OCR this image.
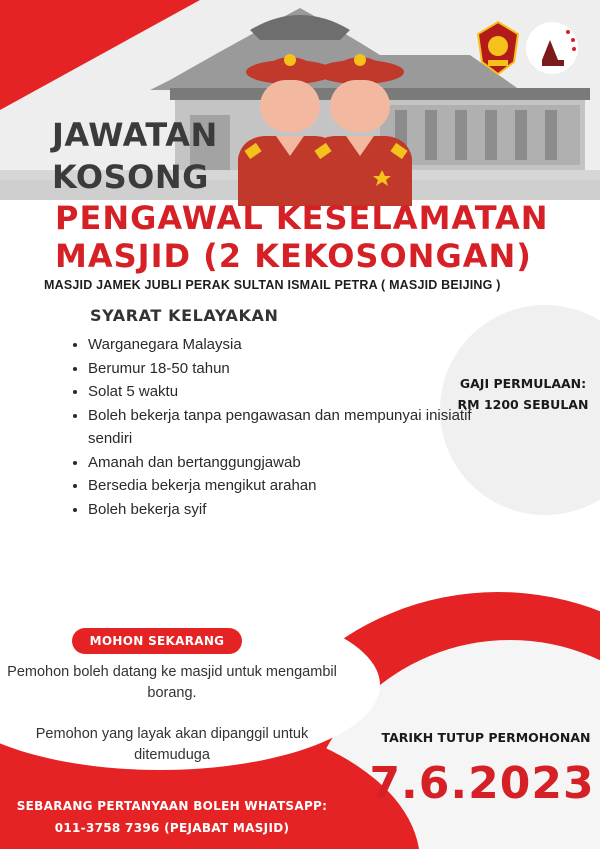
JAWATAN
KOSONG
PENGAWAL KESELAMATAN
MASJID (2 KEKOSONGAN)
MASJID JAMEK JUBLI PERAK SULTAN ISMAIL PETRA ( MASJID BEIJING )
GAJI PERMULAAN:
RM 1200 SEBULAN
SYARAT KELAYAKAN
• Warganegara Malaysia
• Berumur 18-50 tahun
• Solat 5 waktu
• Boleh bekerja tanpa pengawasan dan mempunyai inisiatif sendiri
• Amanah dan bertanggungjawab
• Bersedia bekerja mengikut arahan
• Boleh bekerja syif
MOHON SEKARANG
Pemohon boleh datang ke masjid untuk mengambil borang.
Pemohon yang layak akan dipanggil untuk ditemuduga
TARIKH TUTUP PERMOHONAN
7.6.2023
SEBARANG PERTANYAAN BOLEH WHATSAPP:
011-3758 7396 (PEJABAT MASJID)
